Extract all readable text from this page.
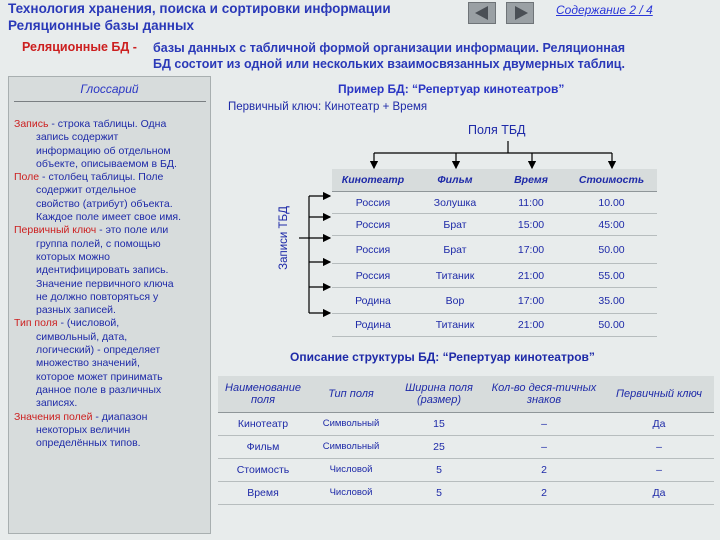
Технология хранения, поиска и сортировки информации
Реляционные базы данных
Содержание 2 / 4
Реляционные БД - базы данных с табличной формой организации информации. Реляционная
БД состоит из одной или нескольких взаимосвязанных двумерных таблиц.
Глоссарий
Запись - строка таблицы. Одна
запись содержит
информацию об отдельном
объекте, описываемом в БД.
Поле - столбец таблицы. Поле
содержит отдельное
свойство (атрибут) объекта.
Каждое поле имеет свое имя.
Первичный ключ - это поле или
группа полей, с помощью
которых можно
идентифицировать запись.
Значение первичного ключа
не должно повторяться у
разных записей.
Тип поля - (числовой,
символьный, дата,
логический) - определяет
множество значений,
которое может принимать
данное поле в различных
записях.
Значения полей - диапазон
некоторых величин
определённых типов.
Пример БД: “Репертуар кинотеатров”
Первичный ключ: Кинотеатр + Время
Поля ТБД
Записи ТБД
Кинотеатр	Фильм	Время	Стоимость
Россия	Золушка	11:00	10.00
Россия	Брат	15:00	45:00
Россия	Брат	17:00	50.00
Россия	Титаник	21:00	55.00
Родина	Вор	17:00	35.00
Родина	Титаник	21:00	50.00
Описание структуры БД: “Репертуар кинотеатров”
Наименование поля	Тип поля	Ширина поля (размер)	Кол-во деся-тичных знаков	Первичный ключ
Кинотеатр	Символьный	15	–	Да
Фильм	Символьный	25	–	–
Стоимость	Числовой	5	2	–
Время	Числовой	5	2	Да
